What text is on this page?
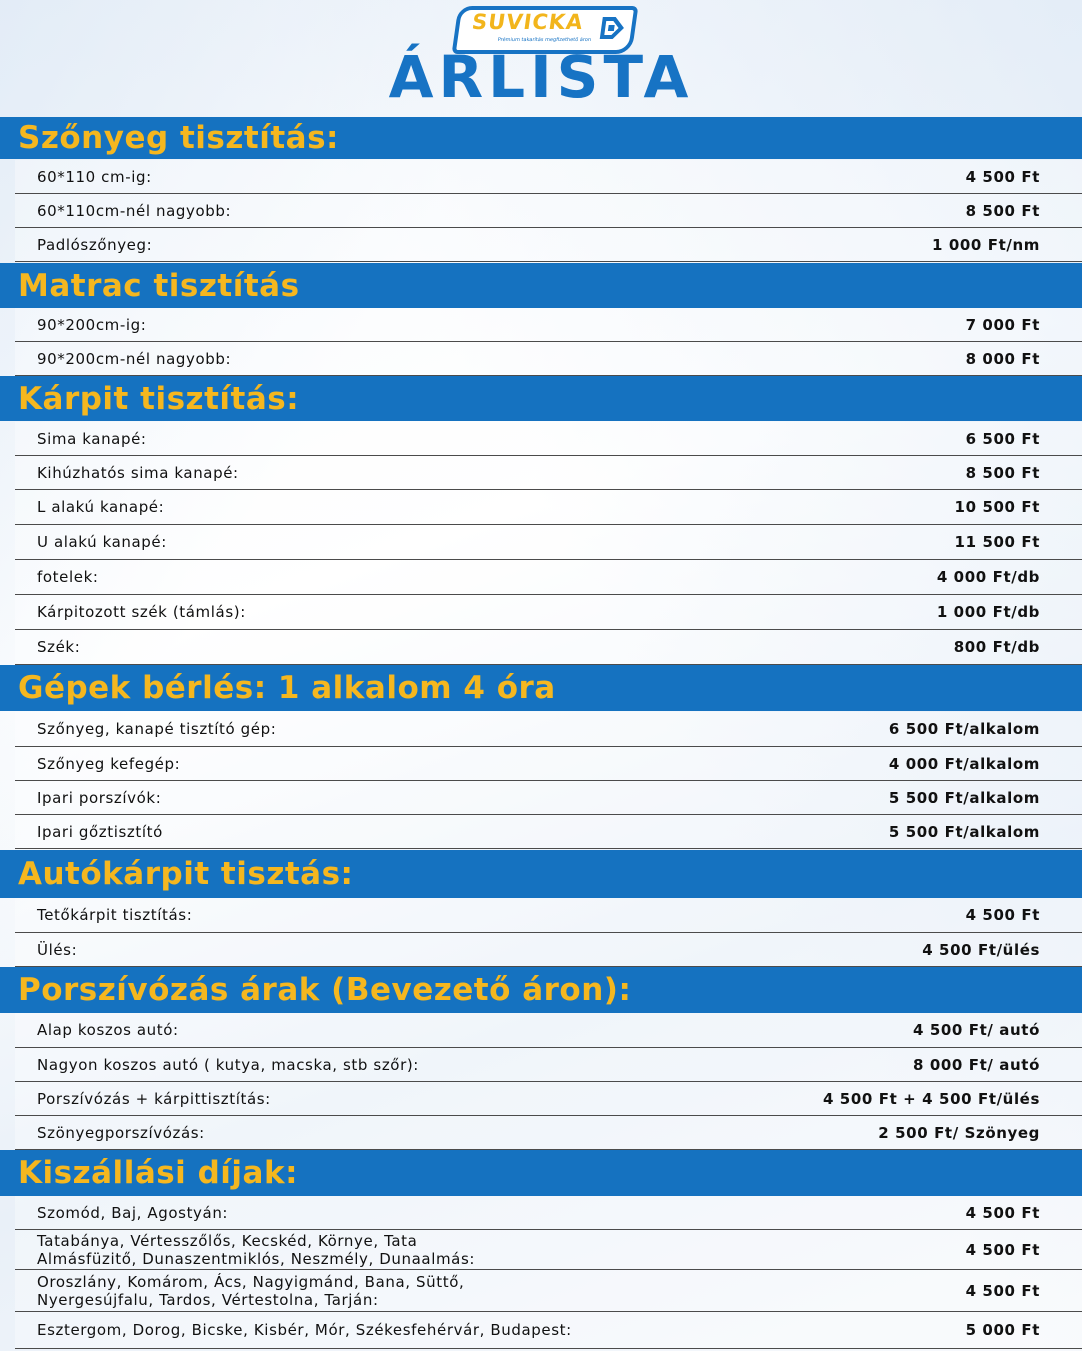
SUVICKA
Prémium takarítás megfizethető áron
ÁRLISTA
Szőnyeg tisztítás:
60*110 cm-ig:	4 500 Ft
60*110cm-nél nagyobb:	8 500 Ft
Padlószőnyeg:	1 000 Ft/nm
Matrac tisztítás
90*200cm-ig:	7 000 Ft
90*200cm-nél nagyobb:	8 000 Ft
Kárpit tisztítás:
Sima kanapé:	6 500 Ft
Kihúzhatós sima kanapé:	8 500 Ft
L alakú kanapé:	10 500 Ft
U alakú kanapé:	11 500 Ft
fotelek:	4 000 Ft/db
Kárpitozott szék (támlás):	1 000 Ft/db
Szék:	800 Ft/db
Gépek bérlés: 1 alkalom 4 óra
Szőnyeg, kanapé tisztító gép:	6 500 Ft/alkalom
Szőnyeg kefegép:	4 000 Ft/alkalom
Ipari porszívók:	5 500 Ft/alkalom
Ipari gőztisztító	5 500 Ft/alkalom
Autókárpit tisztás:
Tetőkárpit tisztítás:	4 500 Ft
Ülés:	4 500 Ft/ülés
Porszívózás árak (Bevezető áron):
Alap koszos autó:	4 500 Ft/ autó
Nagyon koszos autó ( kutya, macska, stb szőr):	8 000 Ft/ autó
Porszívózás + kárpittisztítás:	4 500 Ft + 4 500 Ft/ülés
Szönyegporszívózás:	2 500 Ft/ Szönyeg
Kiszállási díjak:
Szomód, Baj, Agostyán:	4 500 Ft
Tatabánya, Vértesszőlős, Kecskéd, Környe, Tata
Almásfüzitő, Dunaszentmiklós, Neszmély, Dunaalmás:	4 500 Ft
Oroszlány, Komárom, Ács, Nagyigmánd, Bana, Süttő,
Nyergesújfalu, Tardos, Vértestolna, Tarján:	4 500 Ft
Esztergom, Dorog, Bicske, Kisbér, Mór, Székesfehérvár, Budapest:	5 000 Ft
